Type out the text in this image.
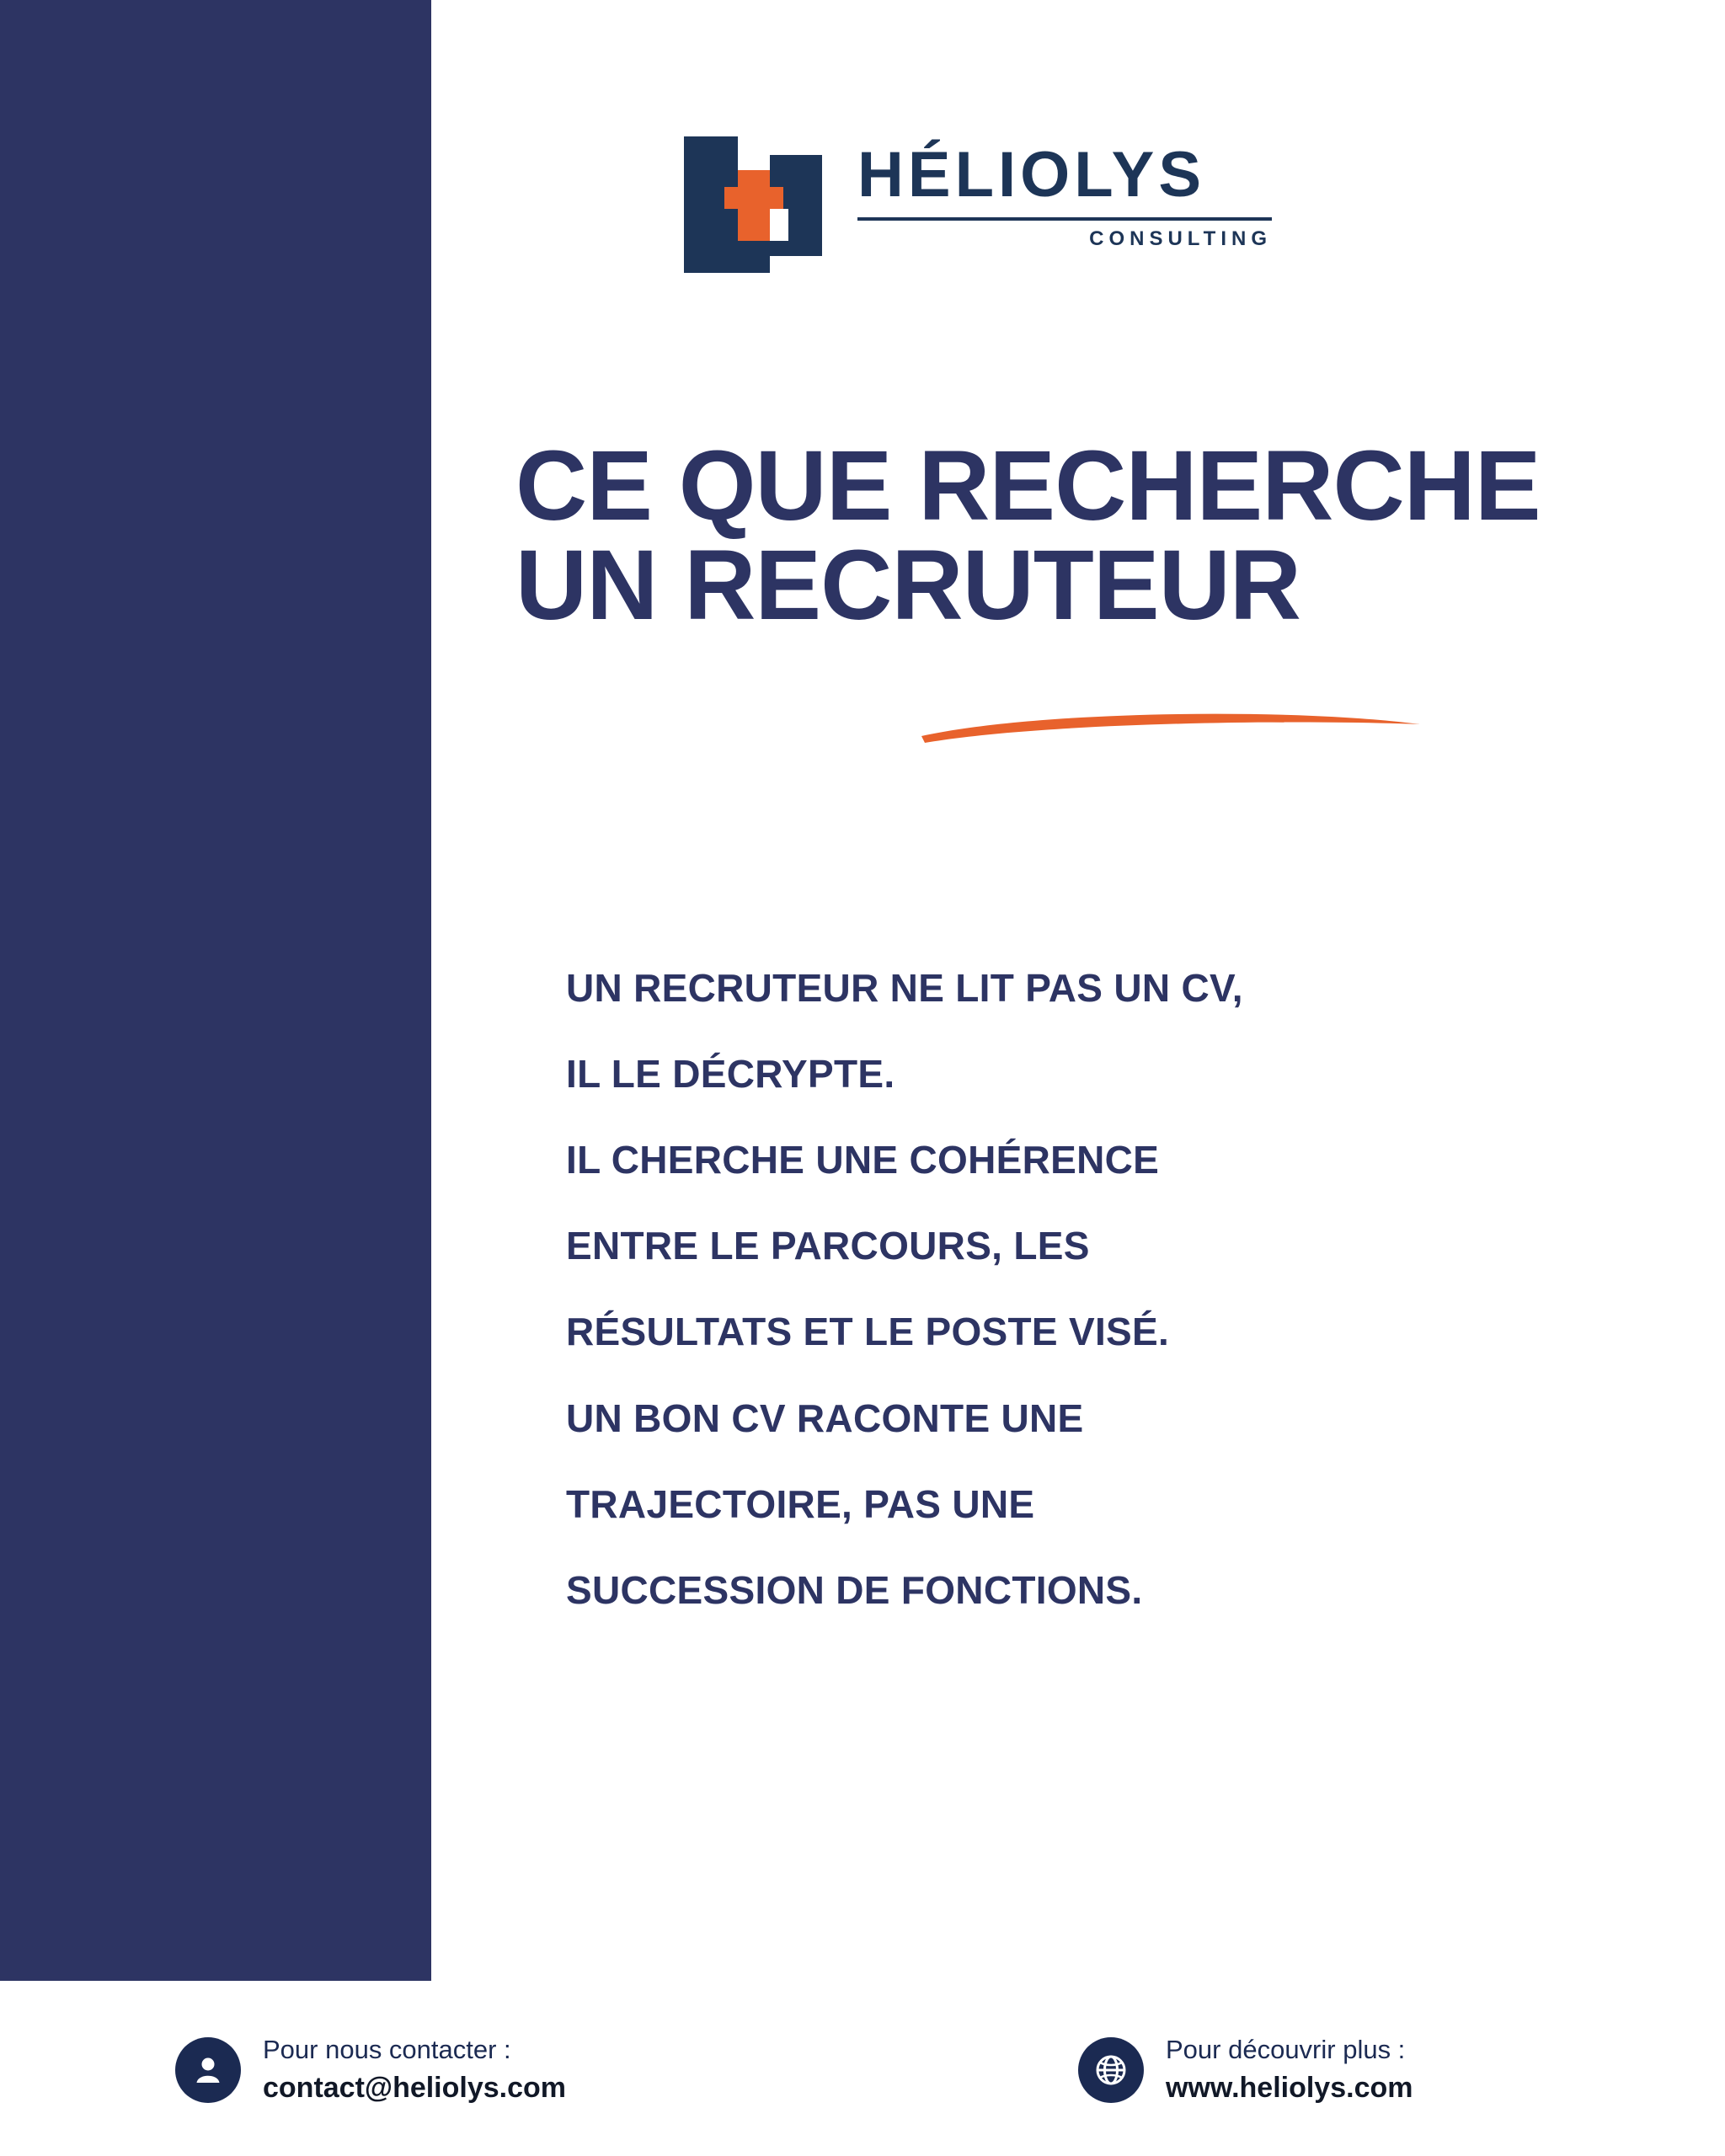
HÉLIOLYS
CONSULTING
CE QUE RECHERCHE
UN RECRUTEUR
UN RECRUTEUR NE LIT PAS UN CV,
IL LE DÉCRYPTE.
IL CHERCHE UNE COHÉRENCE
ENTRE LE PARCOURS, LES
RÉSULTATS ET LE POSTE VISÉ.
UN BON CV RACONTE UNE
TRAJECTOIRE, PAS UNE
SUCCESSION DE FONCTIONS.
Pour nous contacter :
contact@heliolys.com
Pour découvrir plus :
www.heliolys.com
